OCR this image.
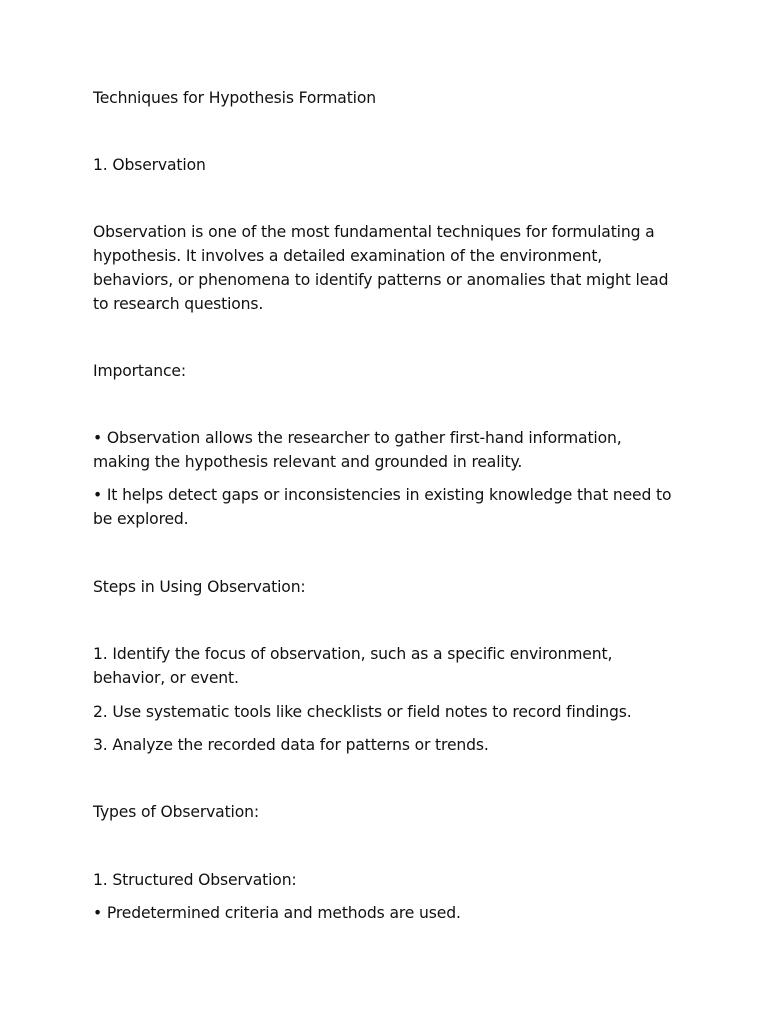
Techniques for Hypothesis Formation

1. Observation

Observation is one of the most fundamental techniques for formulating a hypothesis. It involves a detailed examination of the environment, behaviors, or phenomena to identify patterns or anomalies that might lead to research questions.

Importance:

• Observation allows the researcher to gather first-hand information, making the hypothesis relevant and grounded in reality.

• It helps detect gaps or inconsistencies in existing knowledge that need to be explored.

Steps in Using Observation:

1. Identify the focus of observation, such as a specific environment, behavior, or event.

2. Use systematic tools like checklists or field notes to record findings.

3. Analyze the recorded data for patterns or trends.

Types of Observation:

1. Structured Observation:

• Predetermined criteria and methods are used.
